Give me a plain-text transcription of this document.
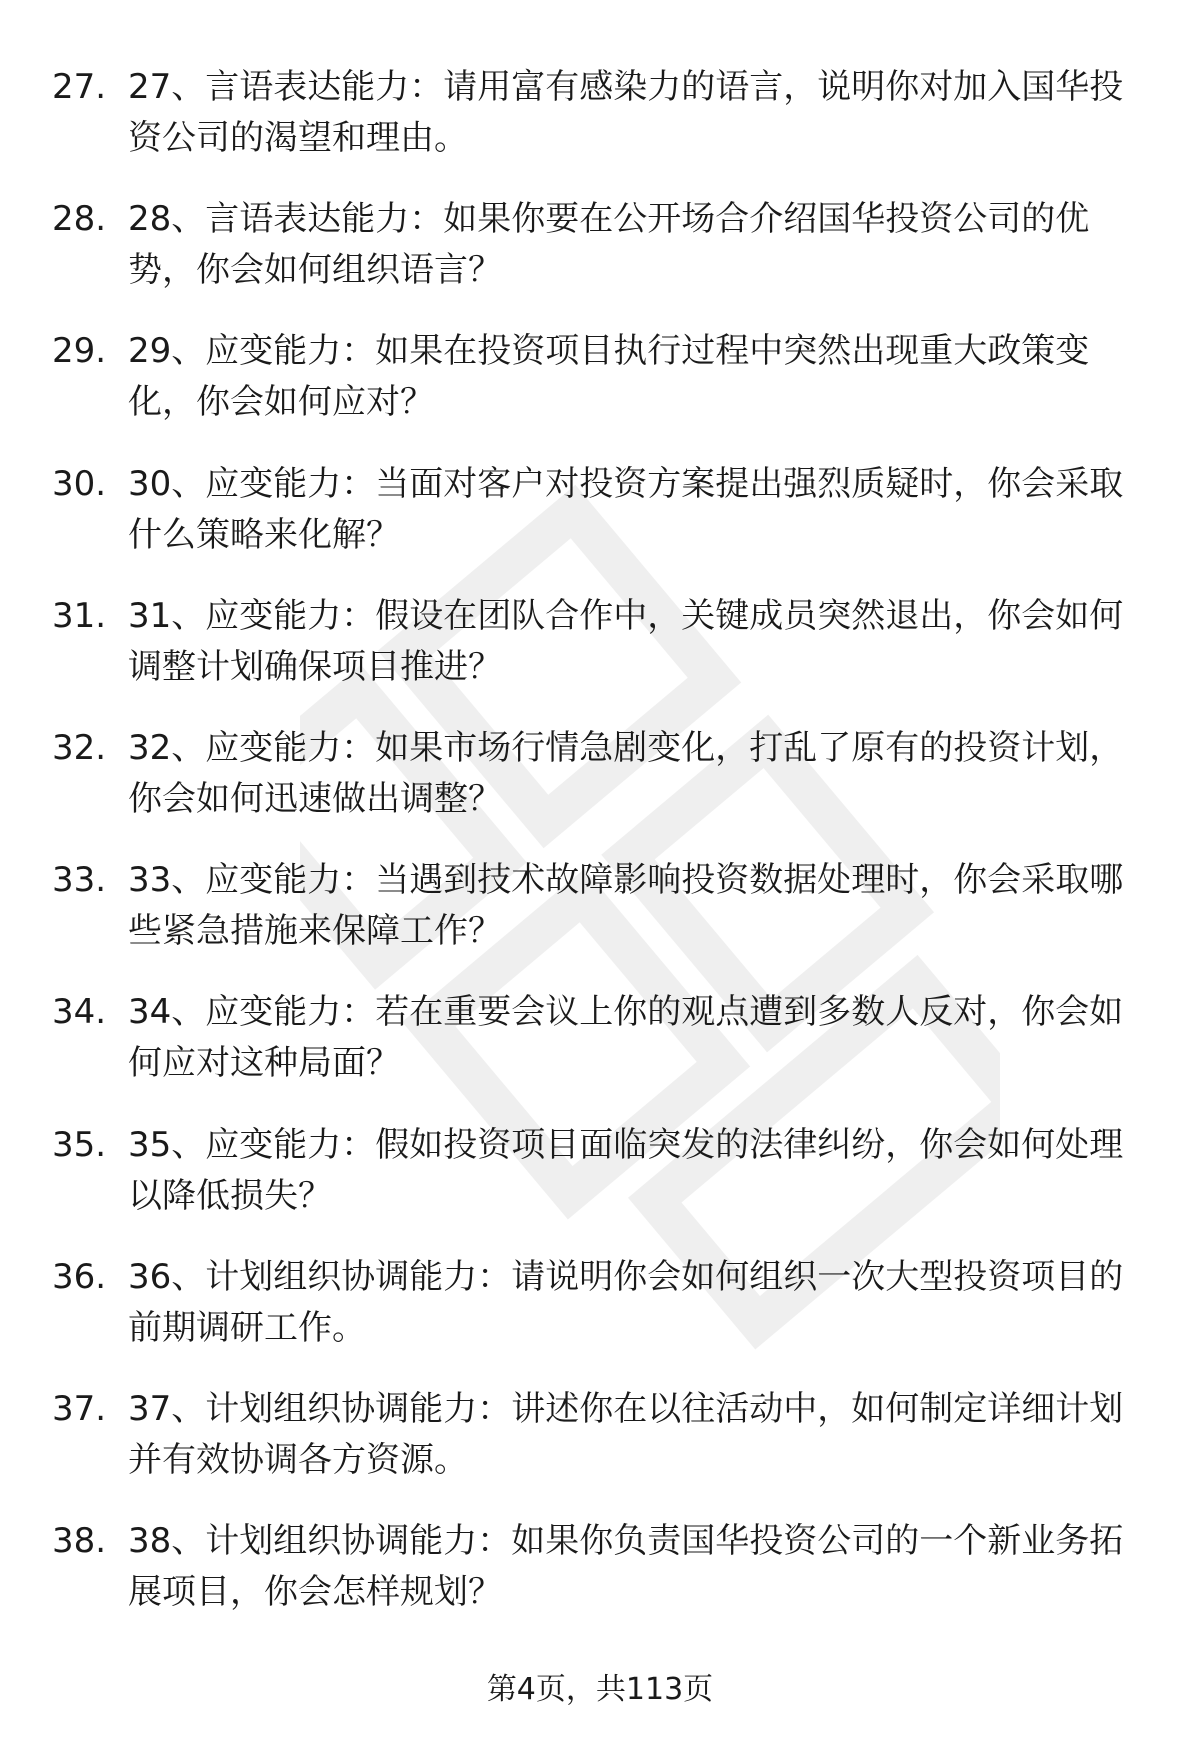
27. 27、言语表达能力：请用富有感染力的语言，说明你对加入国华投资公司的渴望和理由。
28. 28、言语表达能力：如果你要在公开场合介绍国华投资公司的优势，你会如何组织语言？
29. 29、应变能力：如果在投资项目执行过程中突然出现重大政策变化，你会如何应对？
30. 30、应变能力：当面对客户对投资方案提出强烈质疑时，你会采取什么策略来化解？
31. 31、应变能力：假设在团队合作中，关键成员突然退出，你会如何调整计划确保项目推进？
32. 32、应变能力：如果市场行情急剧变化，打乱了原有的投资计划，你会如何迅速做出调整？
33. 33、应变能力：当遇到技术故障影响投资数据处理时，你会采取哪些紧急措施来保障工作？
34. 34、应变能力：若在重要会议上你的观点遭到多数人反对，你会如何应对这种局面？
35. 35、应变能力：假如投资项目面临突发的法律纠纷，你会如何处理以降低损失？
36. 36、计划组织协调能力：请说明你会如何组织一次大型投资项目的前期调研工作。
37. 37、计划组织协调能力：讲述你在以往活动中，如何制定详细计划并有效协调各方资源。
38. 38、计划组织协调能力：如果你负责国华投资公司的一个新业务拓展项目，你会怎样规划？
第4页，共113页
